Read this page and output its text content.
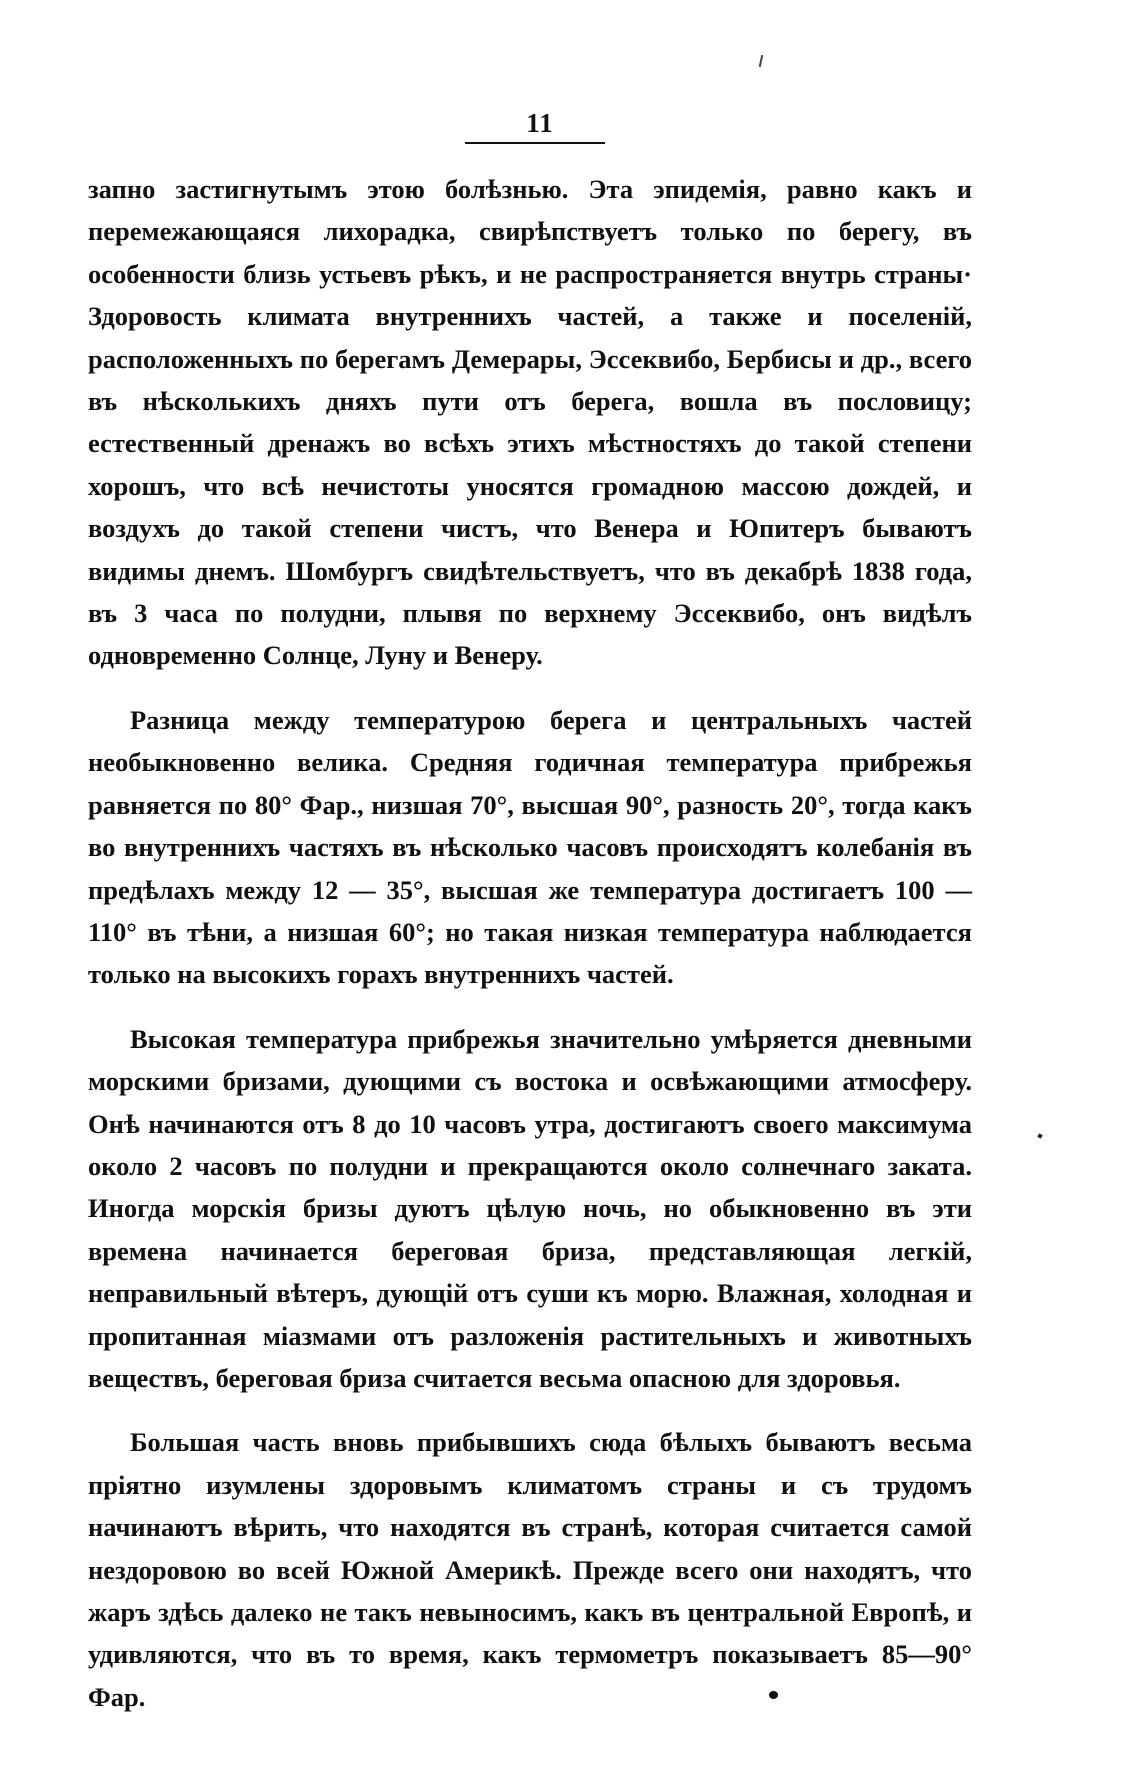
11

запно застигнутымъ этою болѣзнью. Эта эпидемія, равно какъ и перемежающаяся лихорадка, свирѣпствуетъ только по берегу, въ особенности близь устьевъ рѣкъ, и не распространяется внутрь страны· Здоровость климата внутреннихъ частей, а также и поселеній, расположенныхъ по берегамъ Демерары, Эссеквибо, Бербисы и др., всего въ нѣсколькихъ дняхъ пути отъ берега, вошла въ пословицу; естественный дренажъ во всѣхъ этихъ мѣстностяхъ до такой степени хорошъ, что всѣ нечистоты уносятся громадною массою дождей, и воздухъ до такой степени чистъ, что Венера и Юпитеръ бываютъ видимы днемъ. Шомбургъ свидѣтельствуетъ, что въ декабрѣ 1838 года, въ 3 часа по полудни, плывя по верхнему Эссеквибо, онъ видѣлъ одновременно Солнце, Луну и Венеру.

Разница между температурою берега и центральныхъ частей необыкновенно велика. Средняя годичная температура прибрежья равняется по 80° Фар., низшая 70°, высшая 90°, разность 20°, тогда какъ во внутреннихъ частяхъ въ нѣсколько часовъ происходятъ колебанія въ предѣлахъ между 12 — 35°, высшая же температура достигаетъ 100 — 110° въ тѣни, а низшая 60°; но такая низкая температура наблюдается только на высокихъ горахъ внутреннихъ частей.

Высокая температура прибрежья значительно умѣряется дневными морскими бризами, дующими съ востока и освѣжающими атмосферу. Онѣ начинаются отъ 8 до 10 часовъ утра, достигаютъ своего максимума около 2 часовъ по полудни и прекращаются около солнечнаго заката. Иногда морскія бризы дуютъ цѣлую ночь, но обыкновенно въ эти времена начинается береговая бриза, представляющая легкій, неправильный вѣтеръ, дующій отъ суши къ морю. Влажная, холодная и пропитанная міазмами отъ разложенія растительныхъ и животныхъ веществъ, береговая бриза считается весьма опасною для здоровья.

Большая часть вновь прибывшихъ сюда бѣлыхъ бываютъ весьма пріятно изумлены здоровымъ климатомъ страны и съ трудомъ начинаютъ вѣрить, что находятся въ странѣ, которая считается самой нездоровою во всей Южной Америкѣ. Прежде всего они находятъ, что жаръ здѣсь далеко не такъ невыносимъ, какъ въ центральной Европѣ, и удивляются, что въ то время, какъ термометръ показываетъ 85—90° Фар.
